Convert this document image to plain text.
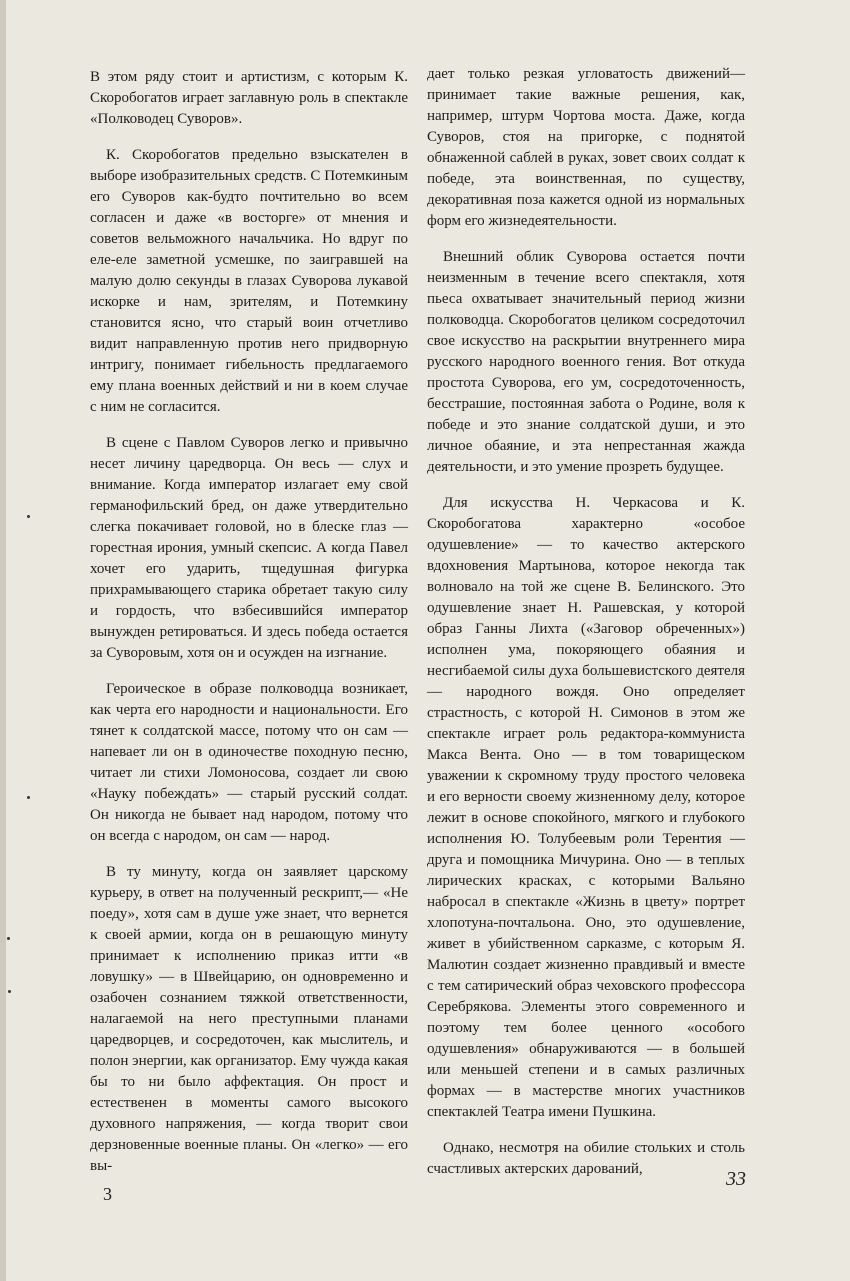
В этом ряду стоит и артистизм, с которым К. Скоробогатов играет заглавную роль в спектакле «Полководец Суворов».

К. Скоробогатов предельно взыскателен в выборе изобразительных средств. С Потемкиным его Суворов как-будто почтительно во всем согласен и даже «в восторге» от мнения и советов вельможного начальчика. Но вдруг по еле-еле заметной усмешке, по заигравшей на малую долю секунды в глазах Суворова лукавой искорке и нам, зрителям, и Потемкину становится ясно, что старый воин отчетливо видит направленную против него придворную интригу, понимает гибельность предлагаемого ему плана военных действий и ни в коем случае с ним не согласится.

В сцене с Павлом Суворов легко и привычно несет личину царедворца. Он весь — слух и внимание. Когда император излагает ему свой германофильский бред, он даже утвердительно слегка покачивает головой, но в блеске глаз — горестная ирония, умный скепсис. А когда Павел хочет его ударить, тщедушная фигурка прихрамывающего старика обретает такую силу и гордость, что взбесившийся император вынужден ретироваться. И здесь победа остается за Суворовым, хотя он и осужден на изгнание.

Героическое в образе полководца возникает, как черта его народности и национальности. Его тянет к солдатской массе, потому что он сам — напевает ли он в одиночестве походную песню, читает ли стихи Ломоносова, создает ли свою «Науку побеждать» — старый русский солдат. Он никогда не бывает над народом, потому что он всегда с народом, он сам — народ.

В ту минуту, когда он заявляет царскому курьеру, в ответ на полученный рескрипт,— «Не поеду», хотя сам в душе уже знает, что вернется к своей армии, когда он в решающую минуту принимает к исполнению приказ итти «в ловушку» — в Швейцарию, он одновременно и озабочен сознанием тяжкой ответственности, налагаемой на него преступными планами царедворцев, и сосредоточен, как мыслитель, и полон энергии, как организатор. Ему чужда какая бы то ни было аффектация. Он прост и естественен в моменты самого высокого духовного напряжения, — когда творит свои дерзновенные военные планы. Он «легко» — его вы-

дает только резкая угловатость движений— принимает такие важные решения, как, например, штурм Чортова моста. Даже, когда Суворов, стоя на пригорке, с поднятой обнаженной саблей в руках, зовет своих солдат к победе, эта воинственная, по существу, декоративная поза кажется одной из нормальных форм его жизнедеятельности.

Внешний облик Суворова остается почти неизменным в течение всего спектакля, хотя пьеса охватывает значительный период жизни полководца. Скоробогатов целиком сосредоточил свое искусство на раскрытии внутреннего мира русского народного военного гения. Вот откуда простота Суворова, его ум, сосредоточенность, бесстрашие, постоянная забота о Родине, воля к победе и это знание солдатской души, и это личное обаяние, и эта непрестанная жажда деятельности, и это умение прозреть будущее.

Для искусства Н. Черкасова и К. Скоробогатова характерно «особое одушевление» — то качество актерского вдохновения Мартынова, которое некогда так волновало на той же сцене В. Белинского. Это одушевление знает Н. Рашевская, у которой образ Ганны Лихта («Заговор обреченных») исполнен ума, покоряющего обаяния и несгибаемой силы духа большевистского деятеля— народного вождя. Оно определяет страстность, с которой Н. Симонов в этом же спектакле играет роль редактора-коммуниста Макса Вента. Оно — в том товарищеском уважении к скромному труду простого человека и его верности своему жизненному делу, которое лежит в основе спокойного, мягкого и глубокого исполнения Ю. Толубеевым роли Терентия — друга и помощника Мичурина. Оно — в теплых лирических красках, с которыми Вальяно набросал в спектакле «Жизнь в цвету» портрет хлопотуна-почтальона. Оно, это одушевление, живет в убийственном сарказме, с которым Я. Малютин создает жизненно правдивый и вместе с тем сатирический образ чеховского профессора Серебрякова. Элементы этого современного и поэтому тем более ценного «особого одушевления» обнаруживаются — в большей или меньшей степени и в самых различных формах — в мастерстве многих участников спектаклей Театра имени Пушкина.

Однако, несмотря на обилие стольких и столь счастливых актерских дарований,

3
33
